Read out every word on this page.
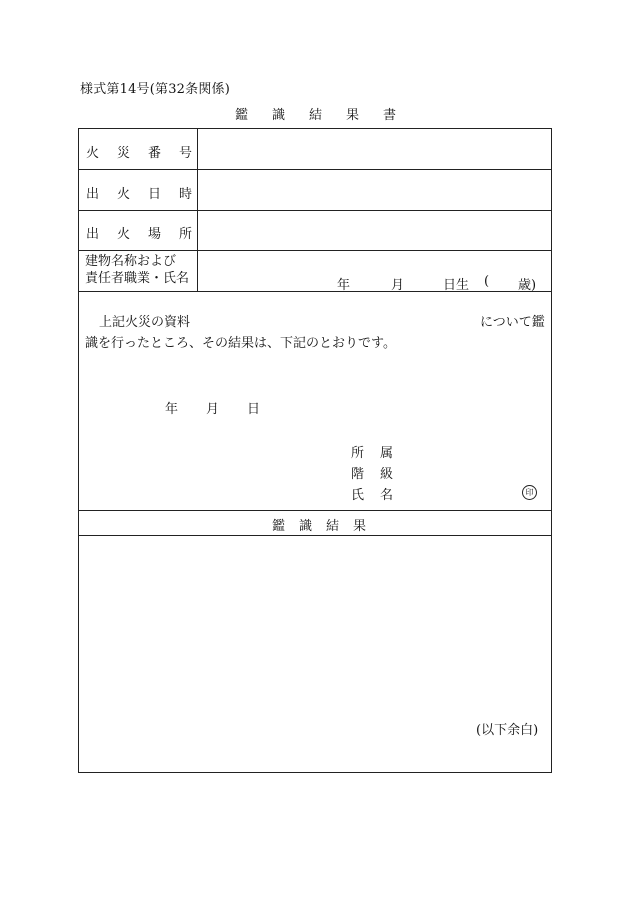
様式第14号(第32条関係)
鑑識結果書
火災番号
出火日時
出火場所
建物名称および
責任者職業・氏名	年	月	日生 ( 歳)
上記火災の資料	について鑑
識を行ったところ、その結果は、下記のとおりです。
年 月 日
所属
階級
氏名	印
鑑識結果
(以下余白)
